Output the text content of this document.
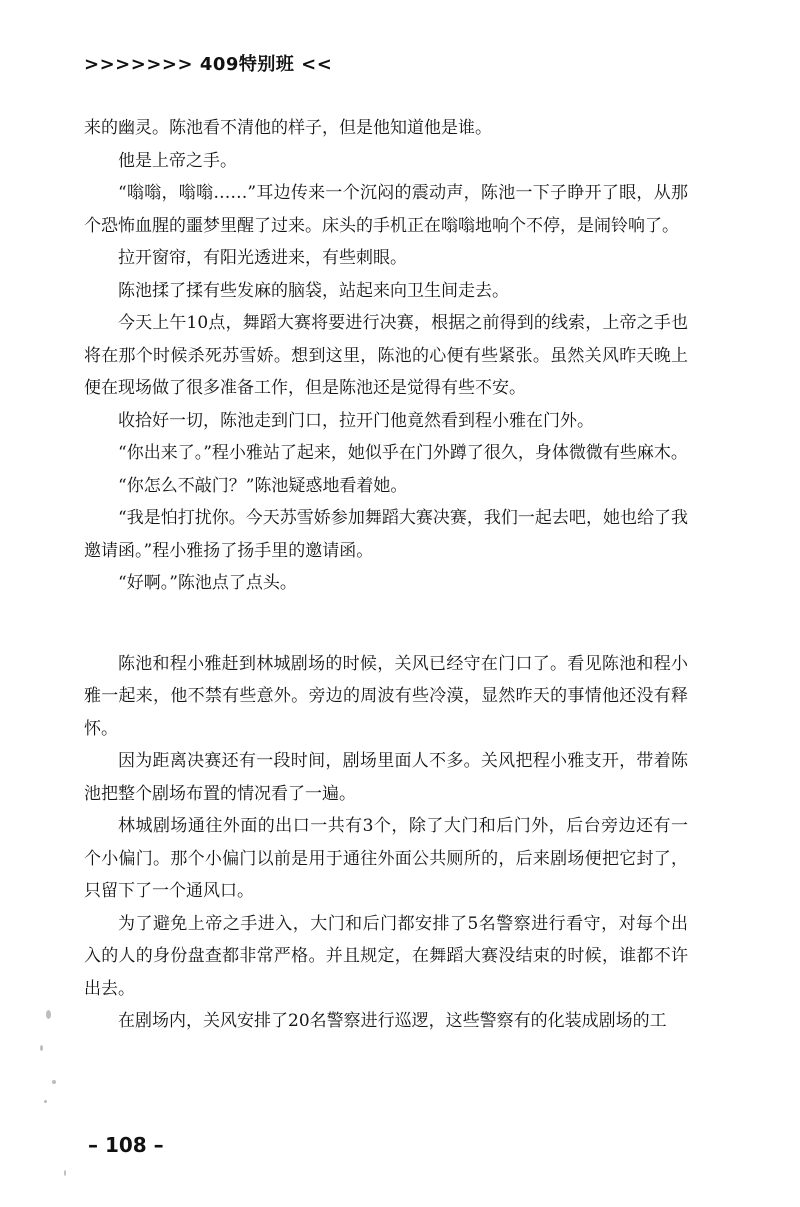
>>>>>>> 409特别班 <<

来的幽灵。陈池看不清他的样子，但是他知道他是谁。

他是上帝之手。

“嗡嗡，嗡嗡……”耳边传来一个沉闷的震动声，陈池一下子睁开了眼，从那个恐怖血腥的噩梦里醒了过来。床头的手机正在嗡嗡地响个不停，是闹铃响了。

拉开窗帘，有阳光透进来，有些刺眼。

陈池揉了揉有些发麻的脑袋，站起来向卫生间走去。

今天上午10点，舞蹈大赛将要进行决赛，根据之前得到的线索，上帝之手也将在那个时候杀死苏雪娇。想到这里，陈池的心便有些紧张。虽然关风昨天晚上便在现场做了很多准备工作，但是陈池还是觉得有些不安。

收拾好一切，陈池走到门口，拉开门他竟然看到程小雅在门外。

“你出来了。”程小雅站了起来，她似乎在门外蹲了很久，身体微微有些麻木。

“你怎么不敲门？”陈池疑惑地看着她。

“我是怕打扰你。今天苏雪娇参加舞蹈大赛决赛，我们一起去吧，她也给了我邀请函。”程小雅扬了扬手里的邀请函。

“好啊。”陈池点了点头。

陈池和程小雅赶到林城剧场的时候，关风已经守在门口了。看见陈池和程小雅一起来，他不禁有些意外。旁边的周波有些冷漠，显然昨天的事情他还没有释怀。

因为距离决赛还有一段时间，剧场里面人不多。关风把程小雅支开，带着陈池把整个剧场布置的情况看了一遍。

林城剧场通往外面的出口一共有3个，除了大门和后门外，后台旁边还有一个小偏门。那个小偏门以前是用于通往外面公共厕所的，后来剧场便把它封了，只留下了一个通风口。

为了避免上帝之手进入，大门和后门都安排了5名警察进行看守，对每个出入的人的身份盘查都非常严格。并且规定，在舞蹈大赛没结束的时候，谁都不许出去。

在剧场内，关风安排了20名警察进行巡逻，这些警察有的化装成剧场的工

– 108 –
